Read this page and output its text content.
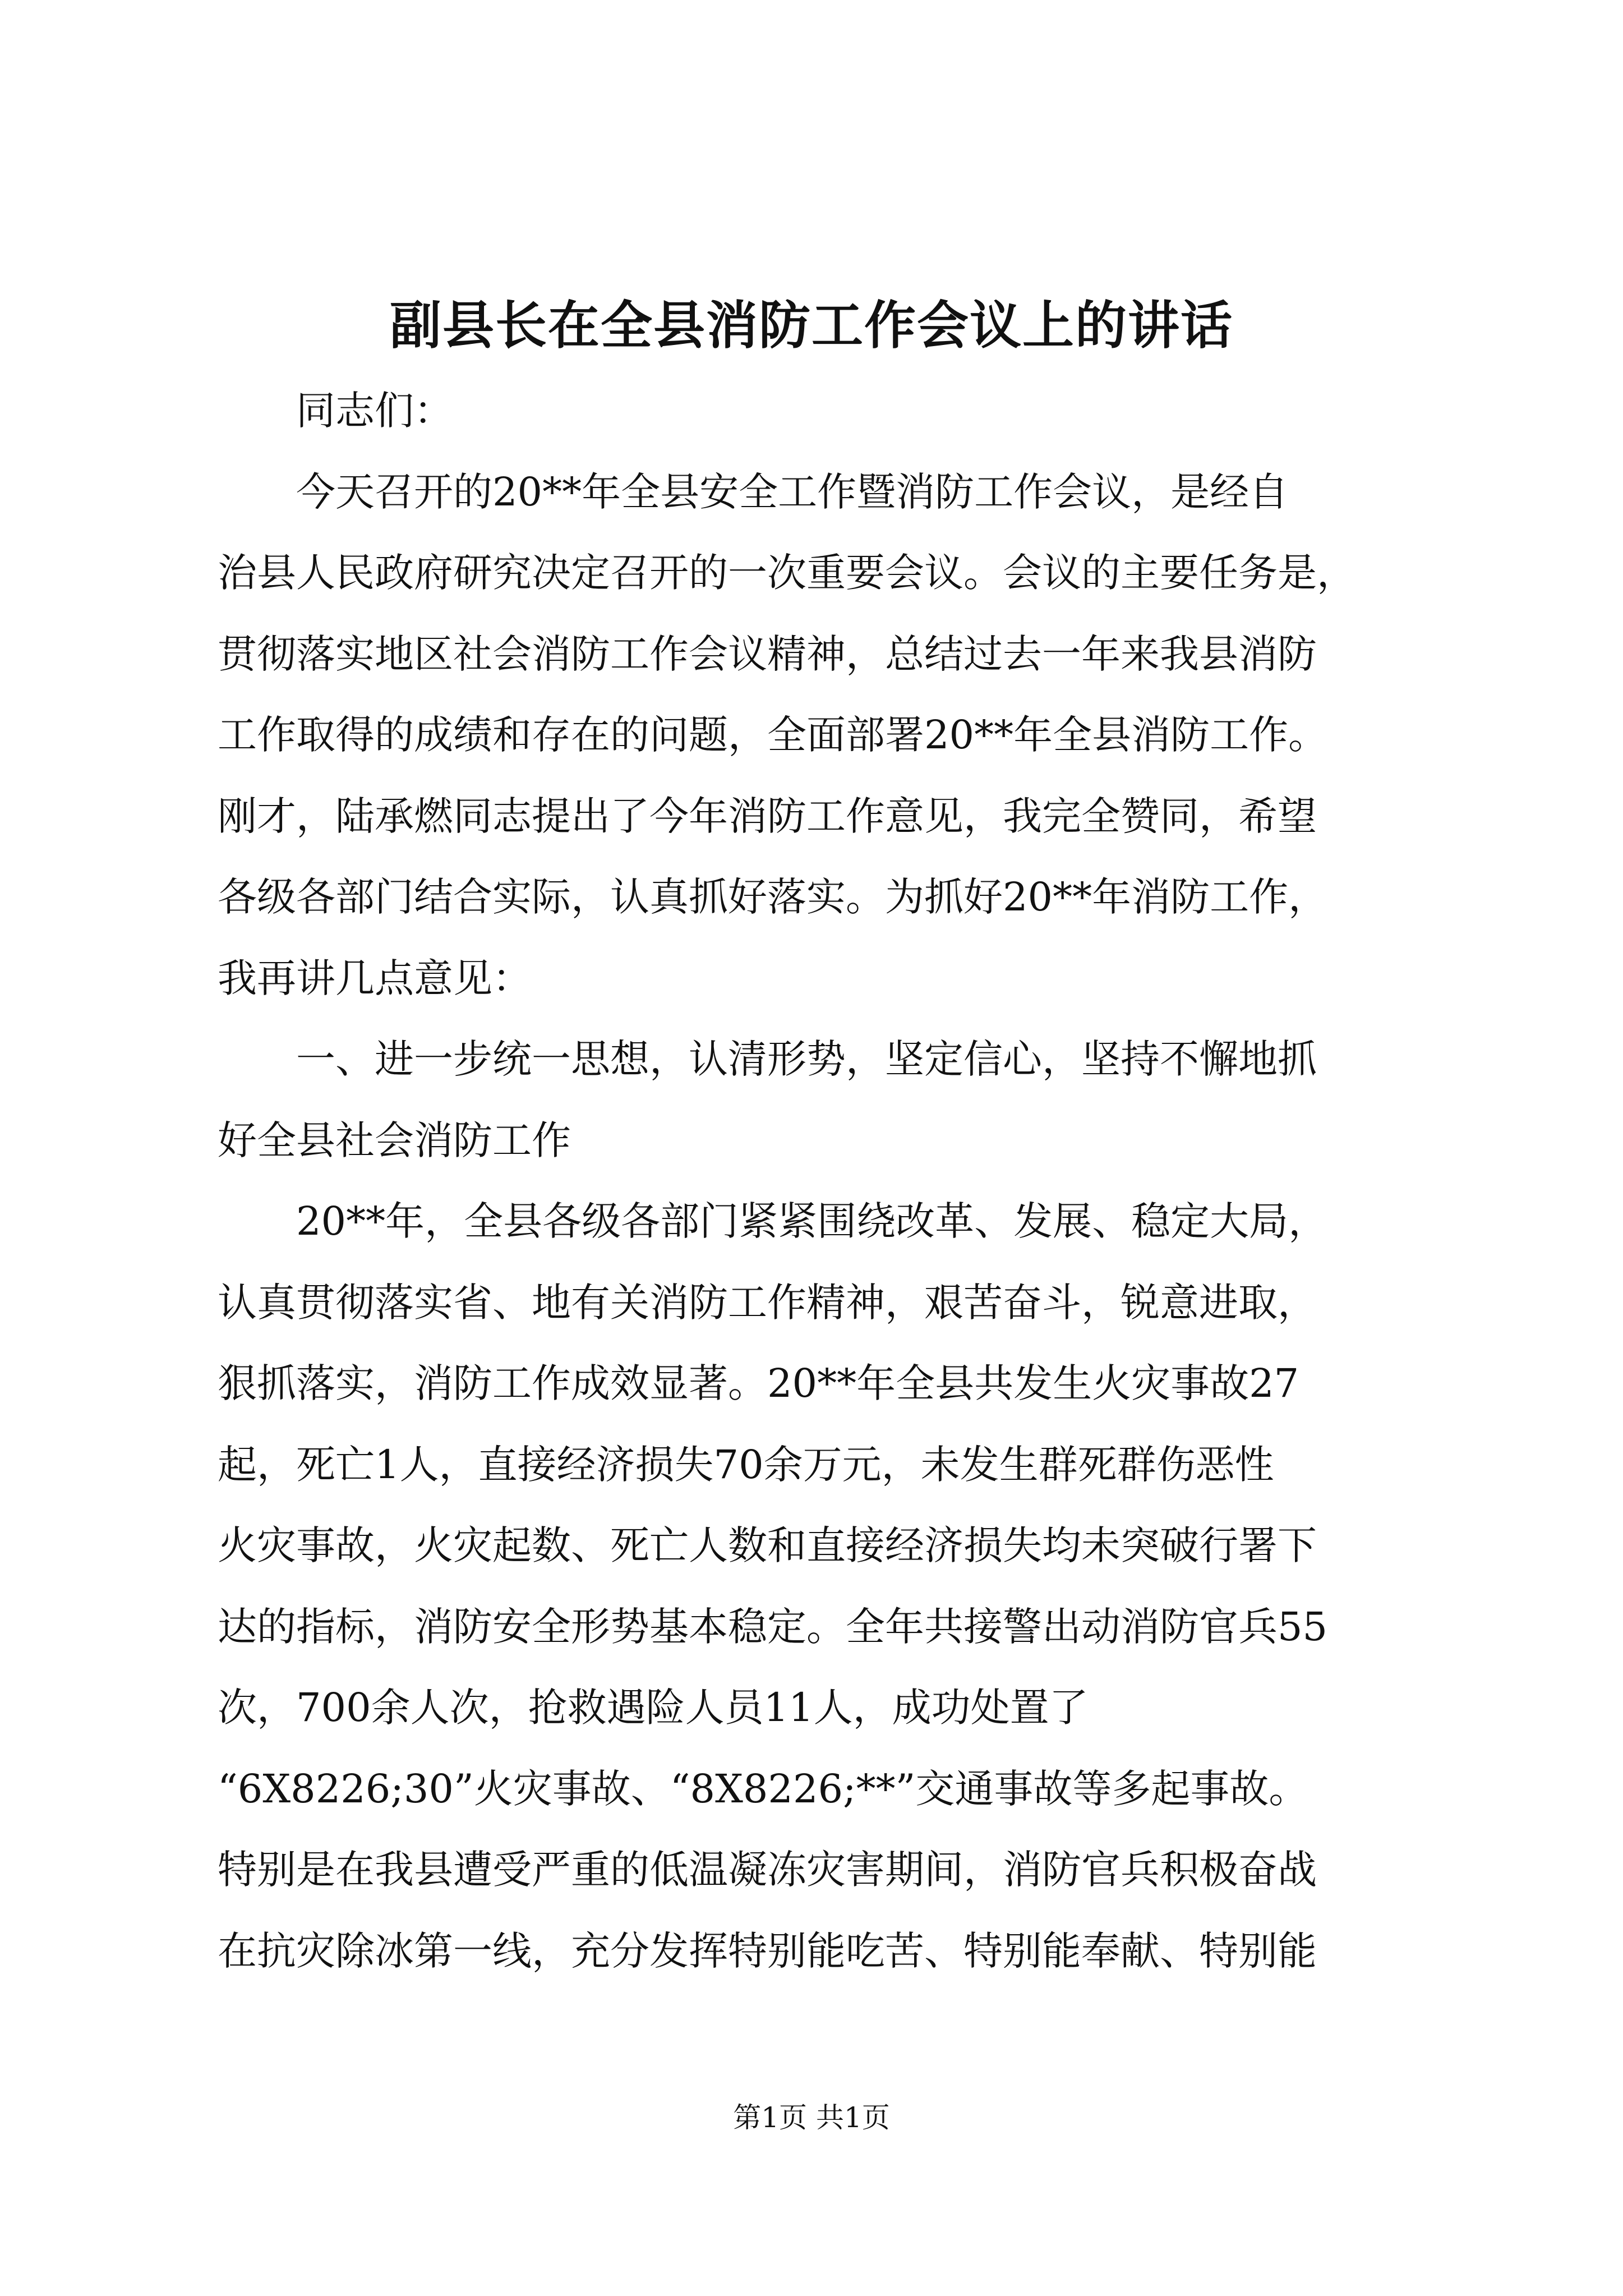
副县长在全县消防工作会议上的讲话

同志们：

今天召开的20**年全县安全工作暨消防工作会议，是经自
治县人民政府研究决定召开的一次重要会议。会议的主要任务是，
贯彻落实地区社会消防工作会议精神，总结过去一年来我县消防
工作取得的成绩和存在的问题，全面部署20**年全县消防工作。
刚才，陆承燃同志提出了今年消防工作意见，我完全赞同，希望
各级各部门结合实际，认真抓好落实。为抓好20**年消防工作，
我再讲几点意见：

一、进一步统一思想，认清形势，坚定信心，坚持不懈地抓
好全县社会消防工作

20**年，全县各级各部门紧紧围绕改革、发展、稳定大局，
认真贯彻落实省、地有关消防工作精神，艰苦奋斗，锐意进取，
狠抓落实，消防工作成效显著。20**年全县共发生火灾事故27
起，死亡1人，直接经济损失70余万元，未发生群死群伤恶性
火灾事故，火灾起数、死亡人数和直接经济损失均未突破行署下
达的指标，消防安全形势基本稳定。全年共接警出动消防官兵55
次，700余人次，抢救遇险人员11人，成功处置了
“6X8226;30”火灾事故、“8X8226;**”交通事故等多起事故。
特别是在我县遭受严重的低温凝冻灾害期间，消防官兵积极奋战
在抗灾除冰第一线，充分发挥特别能吃苦、特别能奉献、特别能

第1页 共1页
